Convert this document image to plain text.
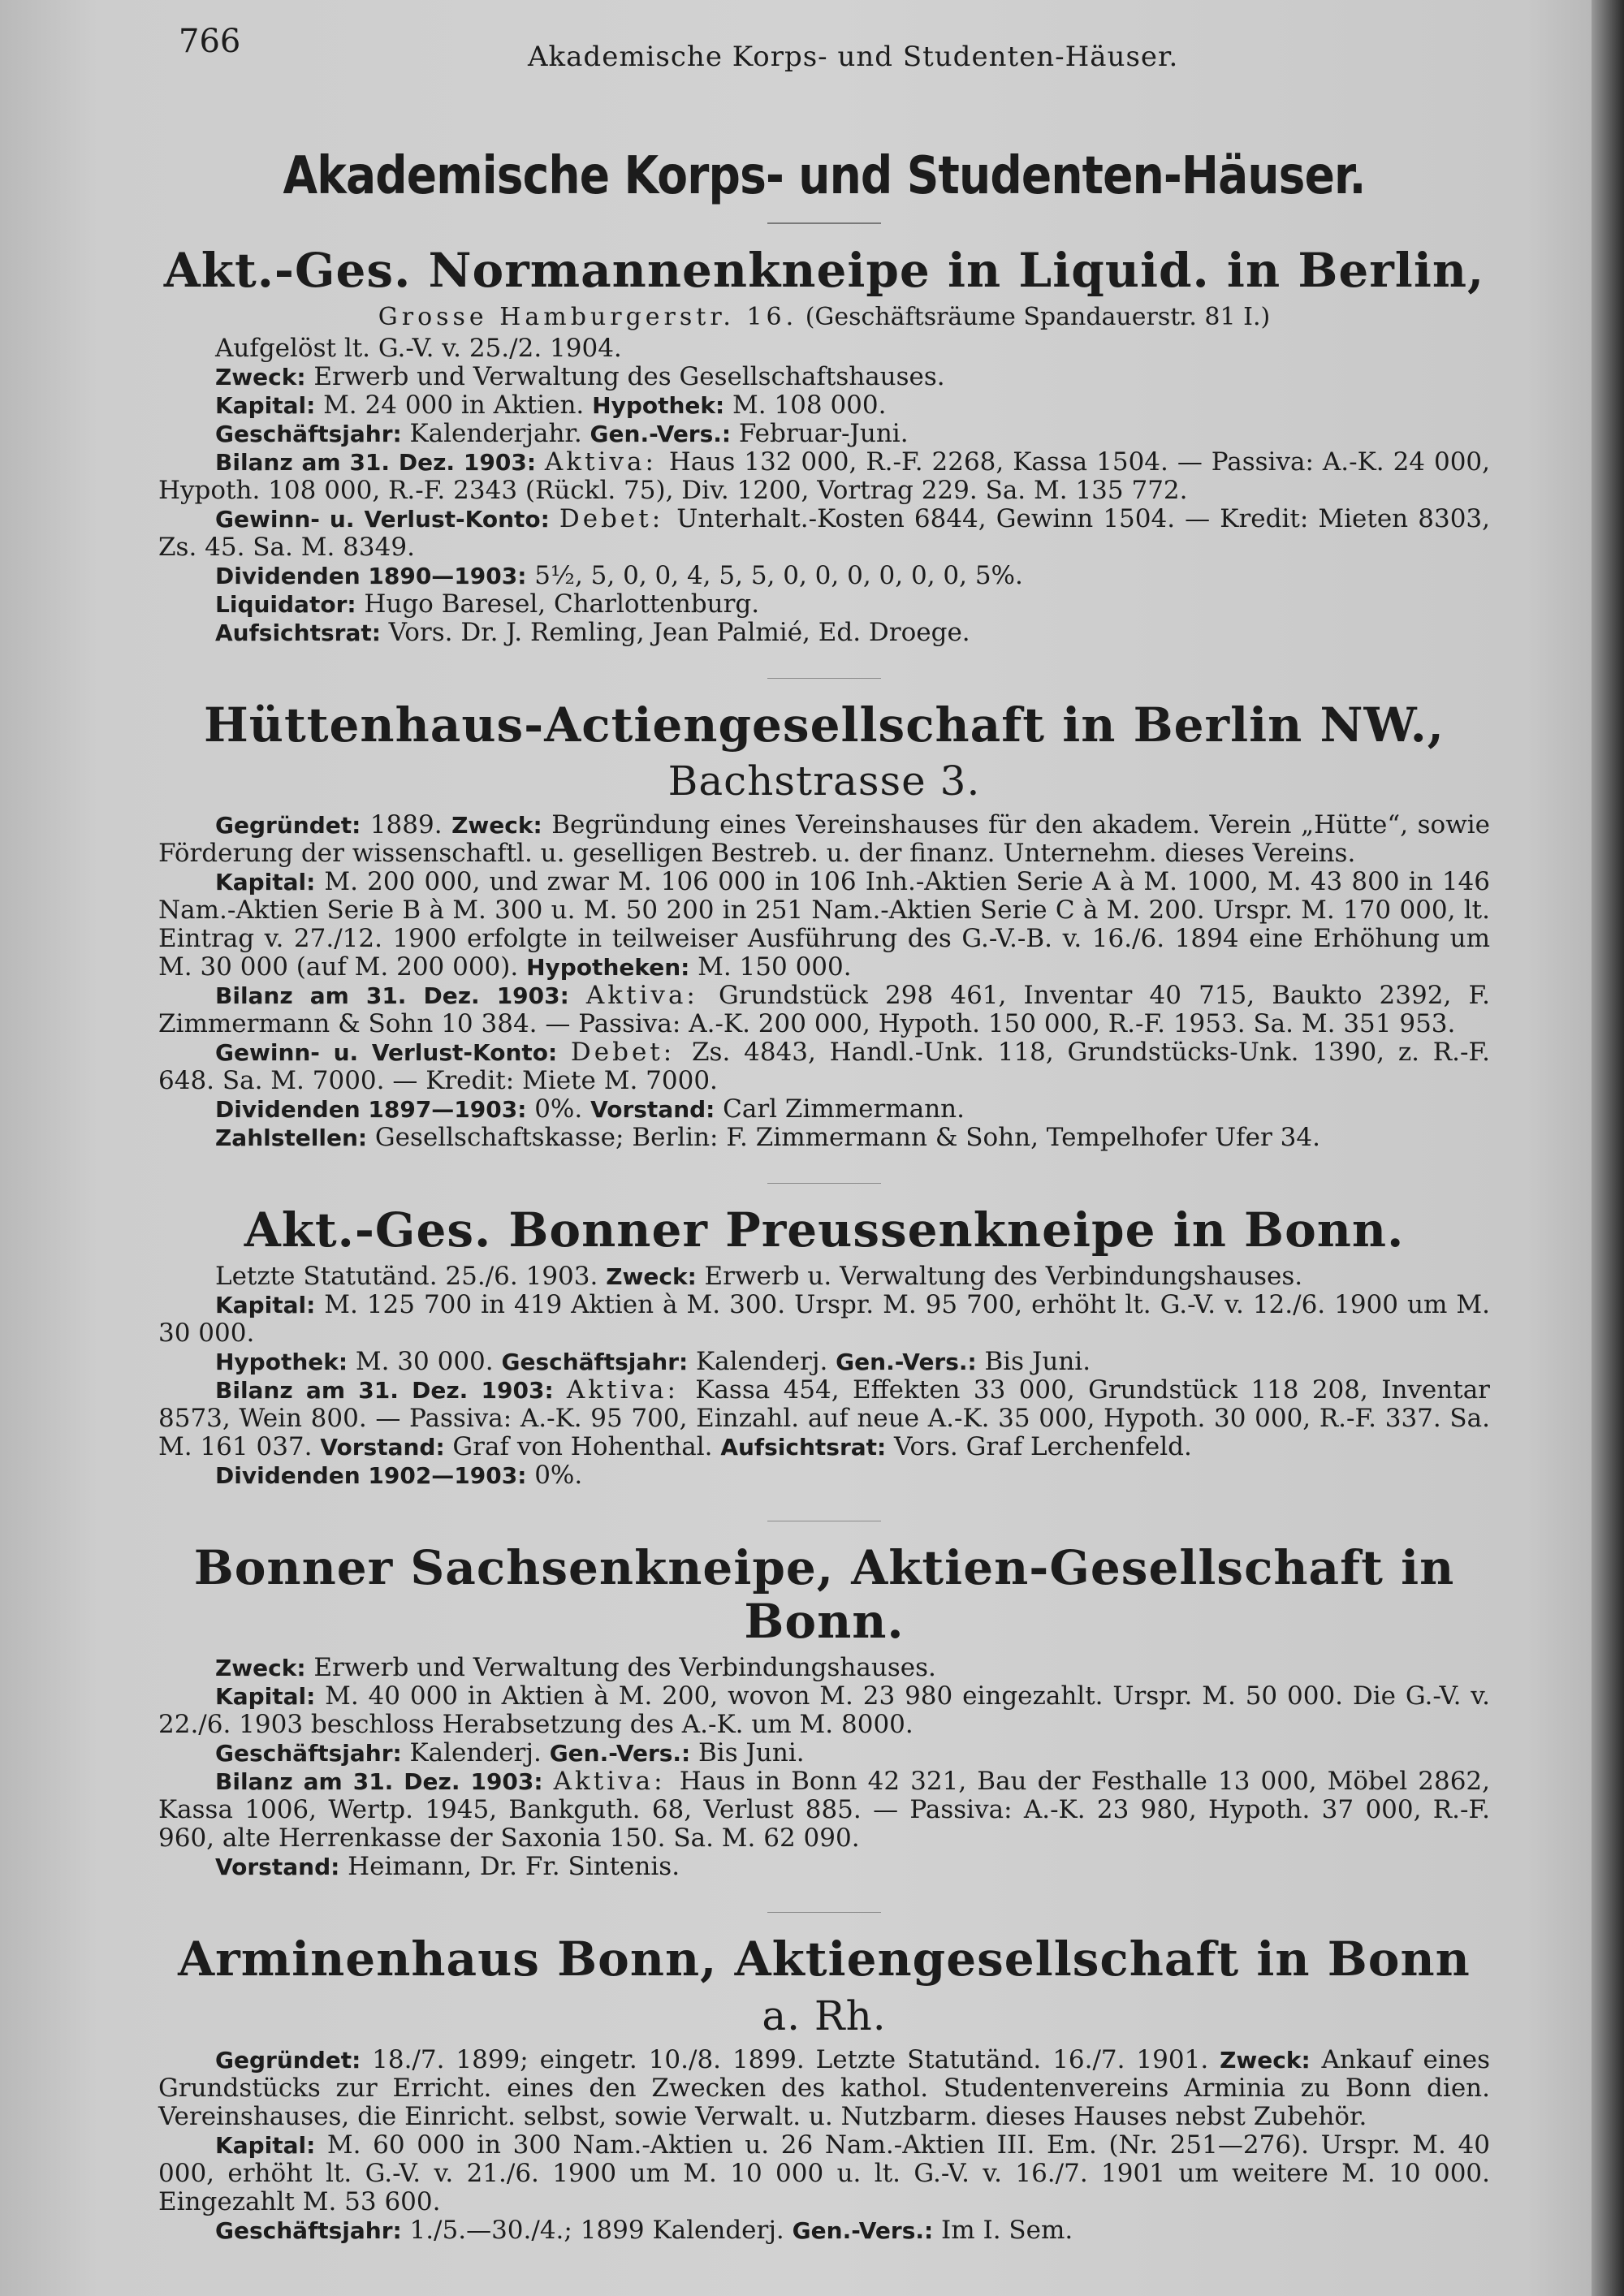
766	Akademische Korps- und Studenten-Häuser.
Akademische Korps- und Studenten-Häuser.
Akt.-Ges. Normannenkneipe in Liquid. in Berlin,
Grosse Hamburgerstr. 16. (Geschäftsräume Spandauerstr. 81 I.)

Aufgelöst lt. G.-V. v. 25./2. 1904.

Zweck: Erwerb und Verwaltung des Gesellschaftshauses.

Kapital: M. 24 000 in Aktien. Hypothek: M. 108 000.

Geschäftsjahr: Kalenderjahr. Gen.-Vers.: Februar-Juni.

Bilanz am 31. Dez. 1903: Aktiva: Haus 132 000, R.-F. 2268, Kassa 1504. — Passiva: A.-K. 24 000, Hypoth. 108 000, R.-F. 2343 (Rückl. 75), Div. 1200, Vortrag 229. Sa. M. 135 772.

Gewinn- u. Verlust-Konto: Debet: Unterhalt.-Kosten 6844, Gewinn 1504. — Kredit: Mieten 8303, Zs. 45. Sa. M. 8349.

Dividenden 1890—1903: 5½, 5, 0, 0, 4, 5, 5, 0, 0, 0, 0, 0, 0, 5%.

Liquidator: Hugo Baresel, Charlottenburg.

Aufsichtsrat: Vors. Dr. J. Remling, Jean Palmié, Ed. Droege.

Hüttenhaus-Actiengesellschaft in Berlin NW., Bachstrasse 3.

Gegründet: 1889. Zweck: Begründung eines Vereinshauses für den akadem. Verein „Hütte“, sowie Förderung der wissenschaftl. u. geselligen Bestreb. u. der finanz. Unternehm. dieses Vereins.

Kapital: M. 200 000, und zwar M. 106 000 in 106 Inh.-Aktien Serie A à M. 1000, M. 43 800 in 146 Nam.-Aktien Serie B à M. 300 u. M. 50 200 in 251 Nam.-Aktien Serie C à M. 200. Urspr. M. 170 000, lt. Eintrag v. 27./12. 1900 erfolgte in teilweiser Ausführung des G.-V.-B. v. 16./6. 1894 eine Erhöhung um M. 30 000 (auf M. 200 000). Hypotheken: M. 150 000.

Bilanz am 31. Dez. 1903: Aktiva: Grundstück 298 461, Inventar 40 715, Baukto 2392, F. Zimmermann & Sohn 10 384. — Passiva: A.-K. 200 000, Hypoth. 150 000, R.-F. 1953. Sa. M. 351 953.

Gewinn- u. Verlust-Konto: Debet: Zs. 4843, Handl.-Unk. 118, Grundstücks-Unk. 1390, z. R.-F. 648. Sa. M. 7000. — Kredit: Miete M. 7000.

Dividenden 1897—1903: 0%. Vorstand: Carl Zimmermann.

Zahlstellen: Gesellschaftskasse; Berlin: F. Zimmermann & Sohn, Tempelhofer Ufer 34.

Akt.-Ges. Bonner Preussenkneipe in Bonn.

Letzte Statutänd. 25./6. 1903. Zweck: Erwerb u. Verwaltung des Verbindungshauses.

Kapital: M. 125 700 in 419 Aktien à M. 300. Urspr. M. 95 700, erhöht lt. G.-V. v. 12./6. 1900 um M. 30 000.

Hypothek: M. 30 000. Geschäftsjahr: Kalenderj. Gen.-Vers.: Bis Juni.

Bilanz am 31. Dez. 1903: Aktiva: Kassa 454, Effekten 33 000, Grundstück 118 208, Inventar 8573, Wein 800. — Passiva: A.-K. 95 700, Einzahl. auf neue A.-K. 35 000, Hypoth. 30 000, R.-F. 337. Sa. M. 161 037. Vorstand: Graf von Hohenthal. Aufsichtsrat: Vors. Graf Lerchenfeld.

Dividenden 1902—1903: 0%.

Bonner Sachsenkneipe, Aktien-Gesellschaft in Bonn.

Zweck: Erwerb und Verwaltung des Verbindungshauses.

Kapital: M. 40 000 in Aktien à M. 200, wovon M. 23 980 eingezahlt. Urspr. M. 50 000. Die G.-V. v. 22./6. 1903 beschloss Herabsetzung des A.-K. um M. 8000.

Geschäftsjahr: Kalenderj. Gen.-Vers.: Bis Juni.

Bilanz am 31. Dez. 1903: Aktiva: Haus in Bonn 42 321, Bau der Festhalle 13 000, Möbel 2862, Kassa 1006, Wertp. 1945, Bankguth. 68, Verlust 885. — Passiva: A.-K. 23 980, Hypoth. 37 000, R.-F. 960, alte Herrenkasse der Saxonia 150. Sa. M. 62 090.

Vorstand: Heimann, Dr. Fr. Sintenis.

Arminenhaus Bonn, Aktiengesellschaft in Bonn a. Rh.

Gegründet: 18./7. 1899; eingetr. 10./8. 1899. Letzte Statutänd. 16./7. 1901. Zweck: Ankauf eines Grundstücks zur Erricht. eines den Zwecken des kathol. Studentenvereins Arminia zu Bonn dien. Vereinshauses, die Einricht. selbst, sowie Verwalt. u. Nutzbarm. dieses Hauses nebst Zubehör.

Kapital: M. 60 000 in 300 Nam.-Aktien u. 26 Nam.-Aktien III. Em. (Nr. 251—276). Urspr. M. 40 000, erhöht lt. G.-V. v. 21./6. 1900 um M. 10 000 u. lt. G.-V. v. 16./7. 1901 um weitere M. 10 000. Eingezahlt M. 53 600.

Geschäftsjahr: 1./5.—30./4.; 1899 Kalenderj. Gen.-Vers.: Im I. Sem.
